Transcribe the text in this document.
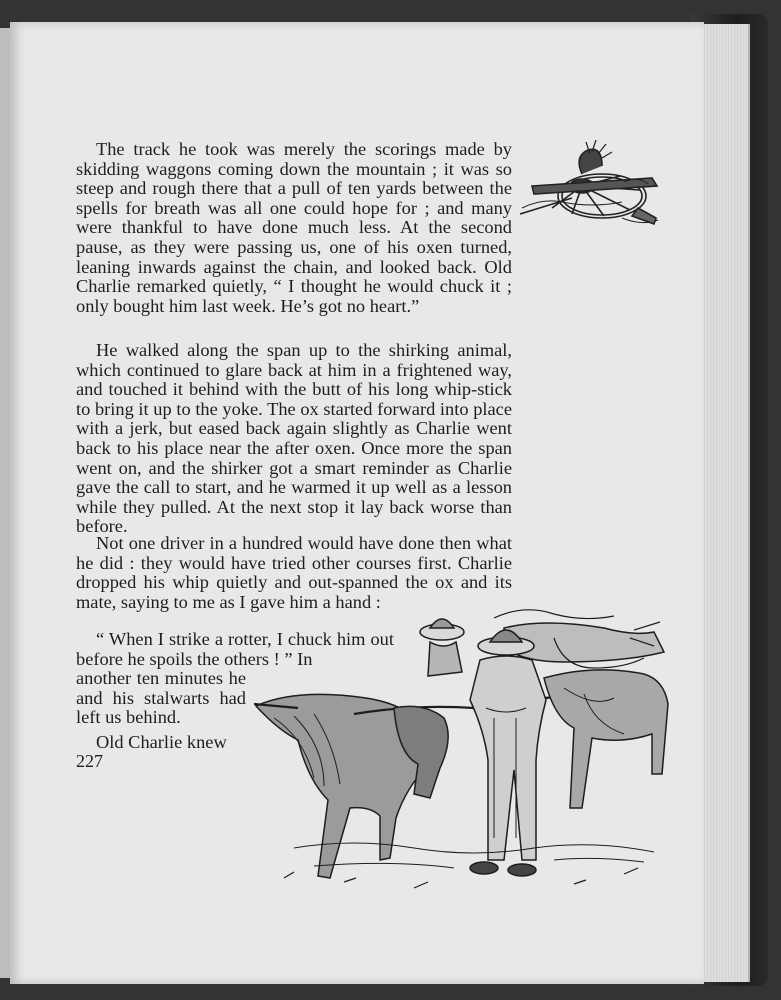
The track he took was merely the scorings made by skidding waggons coming down the mountain ; it was so steep and rough there that a pull of ten yards between the spells for breath was all one could hope for ; and many were thankful to have done much less. At the second pause, as they were passing us, one of his oxen turned, leaning inwards against the chain, and looked back. Old Charlie remarked quietly, “ I thought he would chuck it ; only bought him last week. He’s got no heart.”

He walked along the span up to the shirking animal, which continued to glare back at him in a frightened way, and touched it behind with the butt of his long whip-stick to bring it up to the yoke. The ox started forward into place with a jerk, but eased back again slightly as Charlie went back to his place near the after oxen. Once more the span went on, and the shirker got a smart reminder as Charlie gave the call to start, and he warmed it up well as a lesson while they pulled. At the next stop it lay back worse than before.

Not one driver in a hundred would have done then what he did : they would have tried other courses first. Charlie dropped his whip quietly and out-spanned the ox and its mate, saying to me as I gave him a hand :

“ When I strike a rotter, I chuck him out before he spoils the others ! ” In

another ten minutes he and his stalwarts had left us behind.

Old Charlie knew

227
